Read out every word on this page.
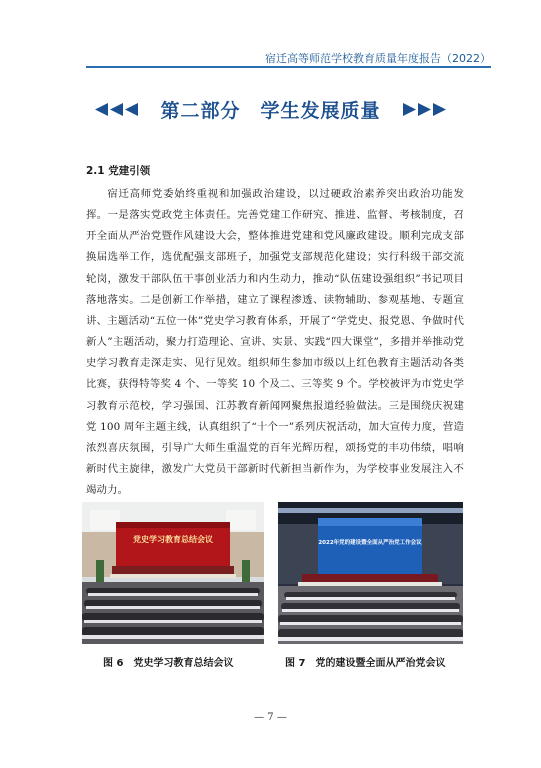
宿迁高等师范学校教育质量年度报告（2022）
第二部分　学生发展质量
2.1 党建引领

宿迁高师党委始终重视和加强政治建设，以过硬政治素养突出政治功能发挥。一是落实党政党主体责任。完善党建工作研究、推进、监督、考核制度，召开全面从严治党暨作风建设大会，整体推进党建和党风廉政建设。顺利完成支部换届选举工作，选优配强支部班子，加强党支部规范化建设；实行科级干部交流轮岗，激发干部队伍干事创业活力和内生动力，推动“队伍建设强组织”书记项目落地落实。二是创新工作举措，建立了课程渗透、读物辅助、参观基地、专题宣讲、主题活动“五位一体”党史学习教育体系，开展了“学党史、报党恩、争做时代新人”主题活动，聚力打造理论、宣讲、实景、实践“四大课堂”，多措并举推动党史学习教育走深走实、见行见效。组织师生参加市级以上红色教育主题活动各类比赛，获得特等奖 4 个、一等奖 10 个及二、三等奖 9 个。学校被评为市党史学习教育示范校，学习强国、江苏教育新闻网聚焦报道经验做法。三是围绕庆祝建党 100 周年主题主线，认真组织了“十个一”系列庆祝活动，加大宣传力度，营造浓烈喜庆氛围，引导广大师生重温党的百年光辉历程，颂扬党的丰功伟绩，唱响新时代主旋律，激发广大党员干部新时代新担当新作为，为学校事业发展注入不竭动力。

党史学习教育总结会议	2022年党的建设暨全面从严治党工作会议
图 6　党史学习教育总结会议	图 7　党的建设暨全面从严治党会议
— 7 —
